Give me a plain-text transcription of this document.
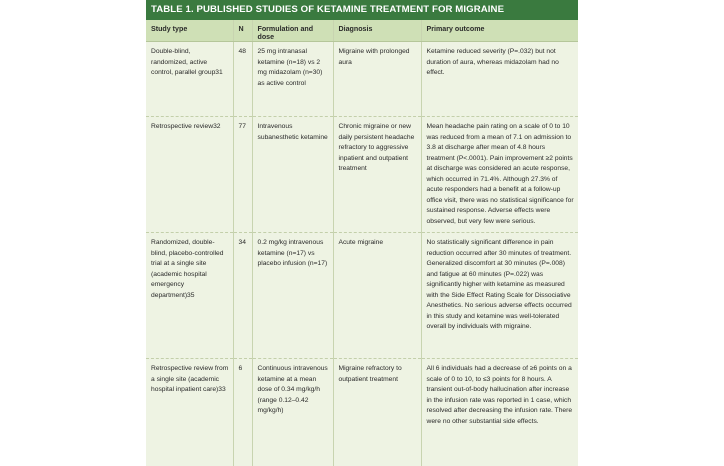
TABLE 1. PUBLISHED STUDIES OF KETAMINE TREATMENT FOR MIGRAINE
Study type	N	Formulation and dose	Diagnosis	Primary outcome
Double-blind, randomized, active control, parallel group31	48	25 mg intranasal ketamine (n=18) vs 2 mg midazolam (n=30) as active control	Migraine with prolonged aura	Ketamine reduced severity (P=.032) but not duration of aura, whereas midazolam had no effect.
Retrospective review32	77	Intravenous subanesthetic ketamine	Chronic migraine or new daily persistent headache refractory to aggressive inpatient and outpatient treatment	Mean headache pain rating on a scale of 0 to 10 was reduced from a mean of 7.1 on admission to 3.8 at discharge after mean of 4.8 hours treatment (P<.0001). Pain improvement ≥2 points at discharge was considered an acute response, which occurred in 71.4%. Although 27.3% of acute responders had a benefit at a follow-up office visit, there was no statistical significance for sustained response. Adverse effects were observed, but very few were serious.
Randomized, double-blind, placebo-controlled trial at a single site (academic hospital emergency department)35	34	0.2 mg/kg intravenous ketamine (n=17) vs placebo infusion (n=17)	Acute migraine	No statistically significant difference in pain reduction occurred after 30 minutes of treatment. Generalized discomfort at 30 minutes (P=.008) and fatigue at 60 minutes (P=.022) was significantly higher with ketamine as measured with the Side Effect Rating Scale for Dissociative Anesthetics. No serious adverse effects occurred in this study and ketamine was well-tolerated overall by individuals with migraine.
Retrospective review from a single site (academic hospital inpatient care)33	6	Continuous intravenous ketamine at a mean dose of 0.34 mg/kg/h (range 0.12–0.42 mg/kg/h)	Migraine refractory to outpatient treatment	All 6 individuals had a decrease of ≥6 points on a scale of 0 to 10, to ≤3 points for 8 hours. A transient out-of-body hallucination after increase in the infusion rate was reported in 1 case, which resolved after decreasing the infusion rate. There were no other substantial side effects.
